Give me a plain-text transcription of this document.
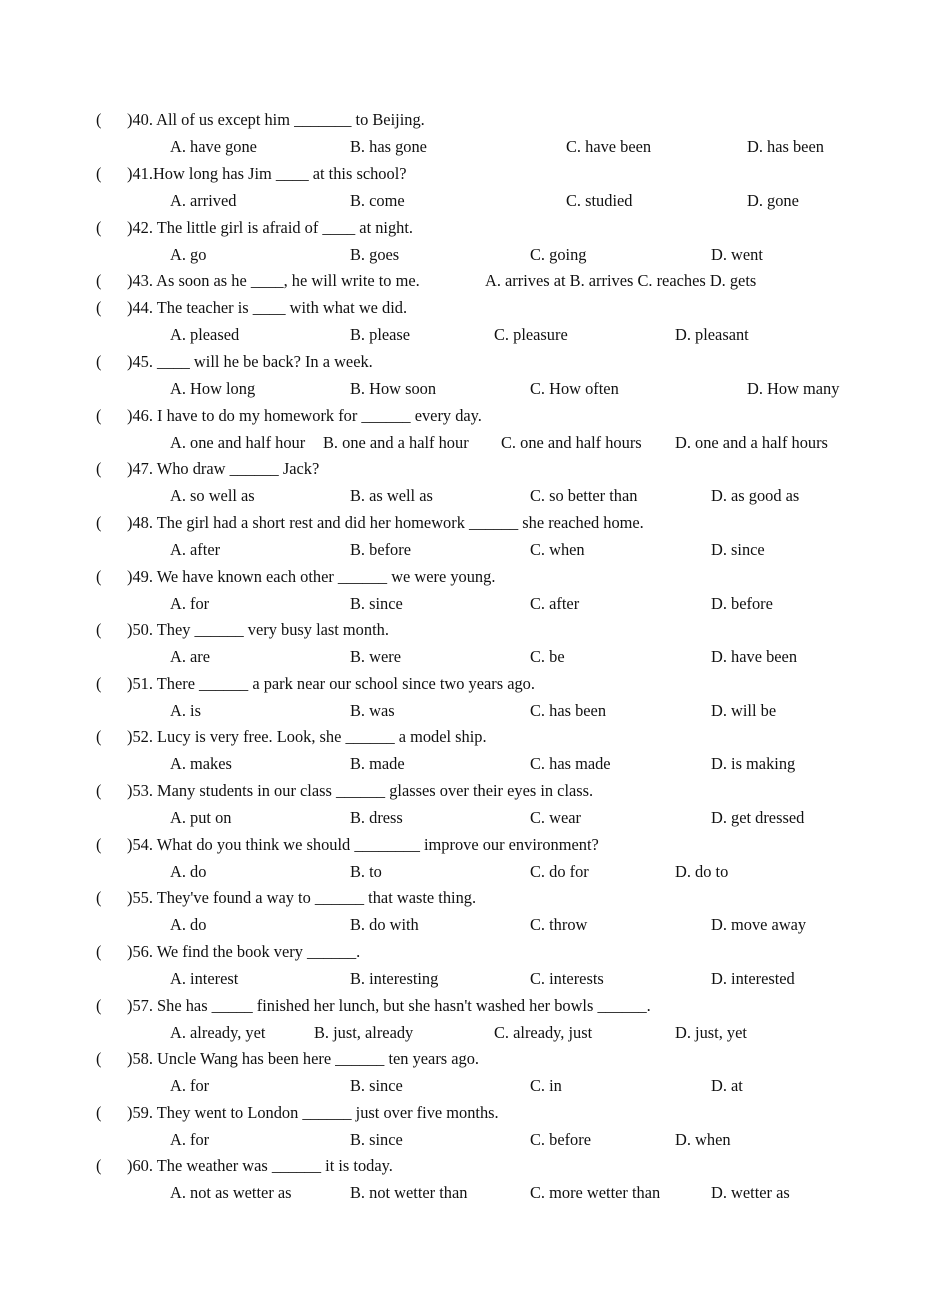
( )40. All of us except him _______ to Beijing.
A. have gone	B. has gone	C. have been	D. has been
( )41.How long has Jim ____ at this school?
A. arrived	B. come	C. studied	D. gone
( )42. The little girl is afraid of ____ at night.
A. go	B. goes	C. going	D. went
( )43. As soon as he ____, he will write to me.	A. arrives at B. arrives C. reaches D. gets
( )44. The teacher is ____ with what we did.
A. pleased	B. please	C. pleasure	D. pleasant
( )45. ____ will he be back? In a week.
A. How long	B. How soon	C. How often	D. How many
( )46. I have to do my homework for ______ every day.
A. one and half hour B. one and a half hour C. one and half hours D. one and a half hours
( )47. Who draw ______ Jack?
A. so well as	B. as well as	C. so better than	D. as good as
( )48. The girl had a short rest and did her homework ______ she reached home.
A. after	B. before	C. when	D. since
( )49. We have known each other ______ we were young.
A. for	B. since	C. after	D. before
( )50. They ______ very busy last month.
A. are	B. were	C. be	D. have been
( )51. There ______ a park near our school since two years ago.
A. is	B. was	C. has been	D. will be
( )52. Lucy is very free. Look, she ______ a model ship.
A. makes	B. made	C. has made	D. is making
( )53. Many students in our class ______ glasses over their eyes in class.
A. put on	B. dress	C. wear	D. get dressed
( )54. What do you think we should ________ improve our environment?
A. do	B. to	C. do for	D. do to
( )55. They've found a way to ______ that waste thing.
A. do	B. do with	C. throw	D. move away
( )56. We find the book very ______.
A. interest	B. interesting	C. interests	D. interested
( )57. She has _____ finished her lunch, but she hasn't washed her bowls ______.
A. already, yet	B. just, already	C. already, just	D. just, yet
( )58. Uncle Wang has been here ______ ten years ago.
A. for	B. since	C. in	D. at
( )59. They went to London ______ just over five months.
A. for	B. since	C. before	D. when
( )60. The weather was ______ it is today.
A. not as wetter as	B. not wetter than	C. more wetter than	D. wetter as
